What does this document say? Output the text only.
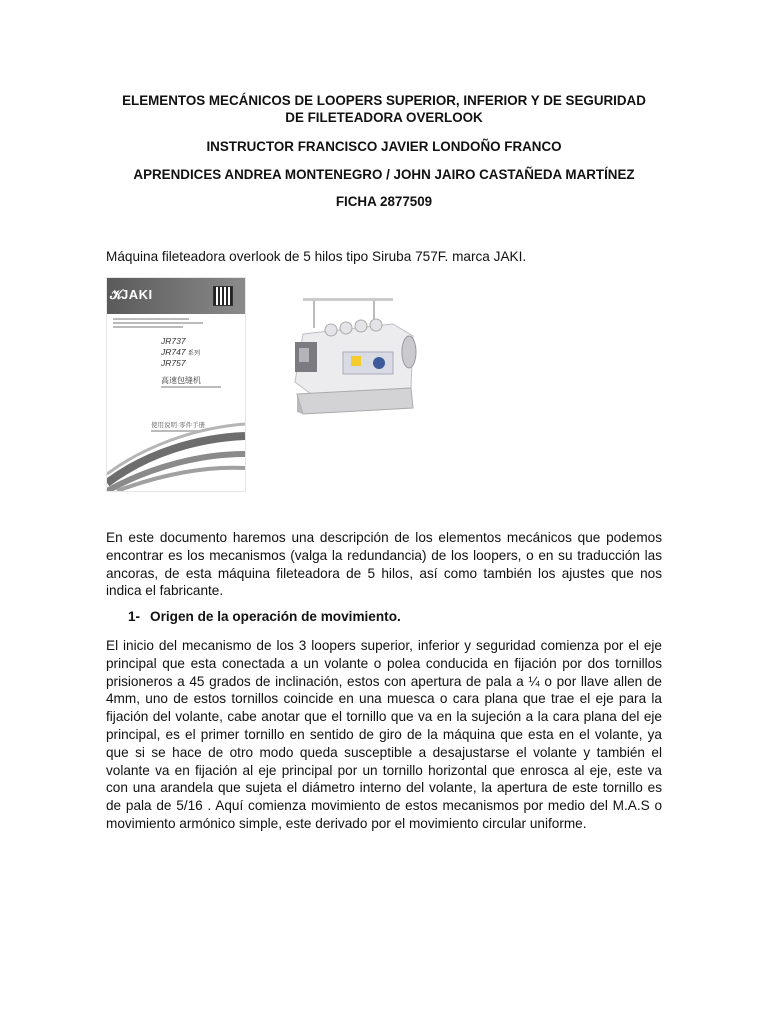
ELEMENTOS MECÁNICOS DE LOOPERS SUPERIOR, INFERIOR Y DE SEGURIDAD
DE FILETEADORA OVERLOOK

INSTRUCTOR FRANCISCO JAVIER LONDOÑO FRANCO

APRENDICES ANDREA MONTENEGRO / JOHN JAIRO CASTAÑEDA MARTÍNEZ

FICHA 2877509

Máquina fileteadora overlook de 5 hilos tipo Siruba 757F. marca JAKI.

𝒦
JAKI
JR737
JR747 系列
JR757
高速包缝机
使用说明·零件手册

En este documento haremos una descripción de los elementos mecánicos que podemos encontrar es los mecanismos (valga la redundancia) de los loopers, o en su traducción las ancoras, de esta máquina fileteadora de 5 hilos, así como también los ajustes que nos indica el fabricante.

1- Origen de la operación de movimiento.

El inicio del mecanismo de los 3 loopers superior, inferior y seguridad comienza por el eje principal que esta conectada a un volante o polea conducida en fijación por dos tornillos prisioneros a 45 grados de inclinación, estos con apertura de pala a ¼ o por llave allen de 4mm, uno de estos tornillos coincide en una muesca o cara plana que trae el eje para la fijación del volante, cabe anotar que el tornillo que va en la sujeción a la cara plana del eje principal, es el primer tornillo en sentido de giro de la máquina que esta en el volante, ya que si se hace de otro modo queda susceptible a desajustarse el volante y también el volante va en fijación al eje principal por un tornillo horizontal que enrosca al eje, este va con una arandela que sujeta el diámetro interno del volante, la apertura de este tornillo es de pala de 5/16 . Aquí comienza movimiento de estos mecanismos por medio del M.A.S o movimiento armónico simple, este derivado por el movimiento circular uniforme.
